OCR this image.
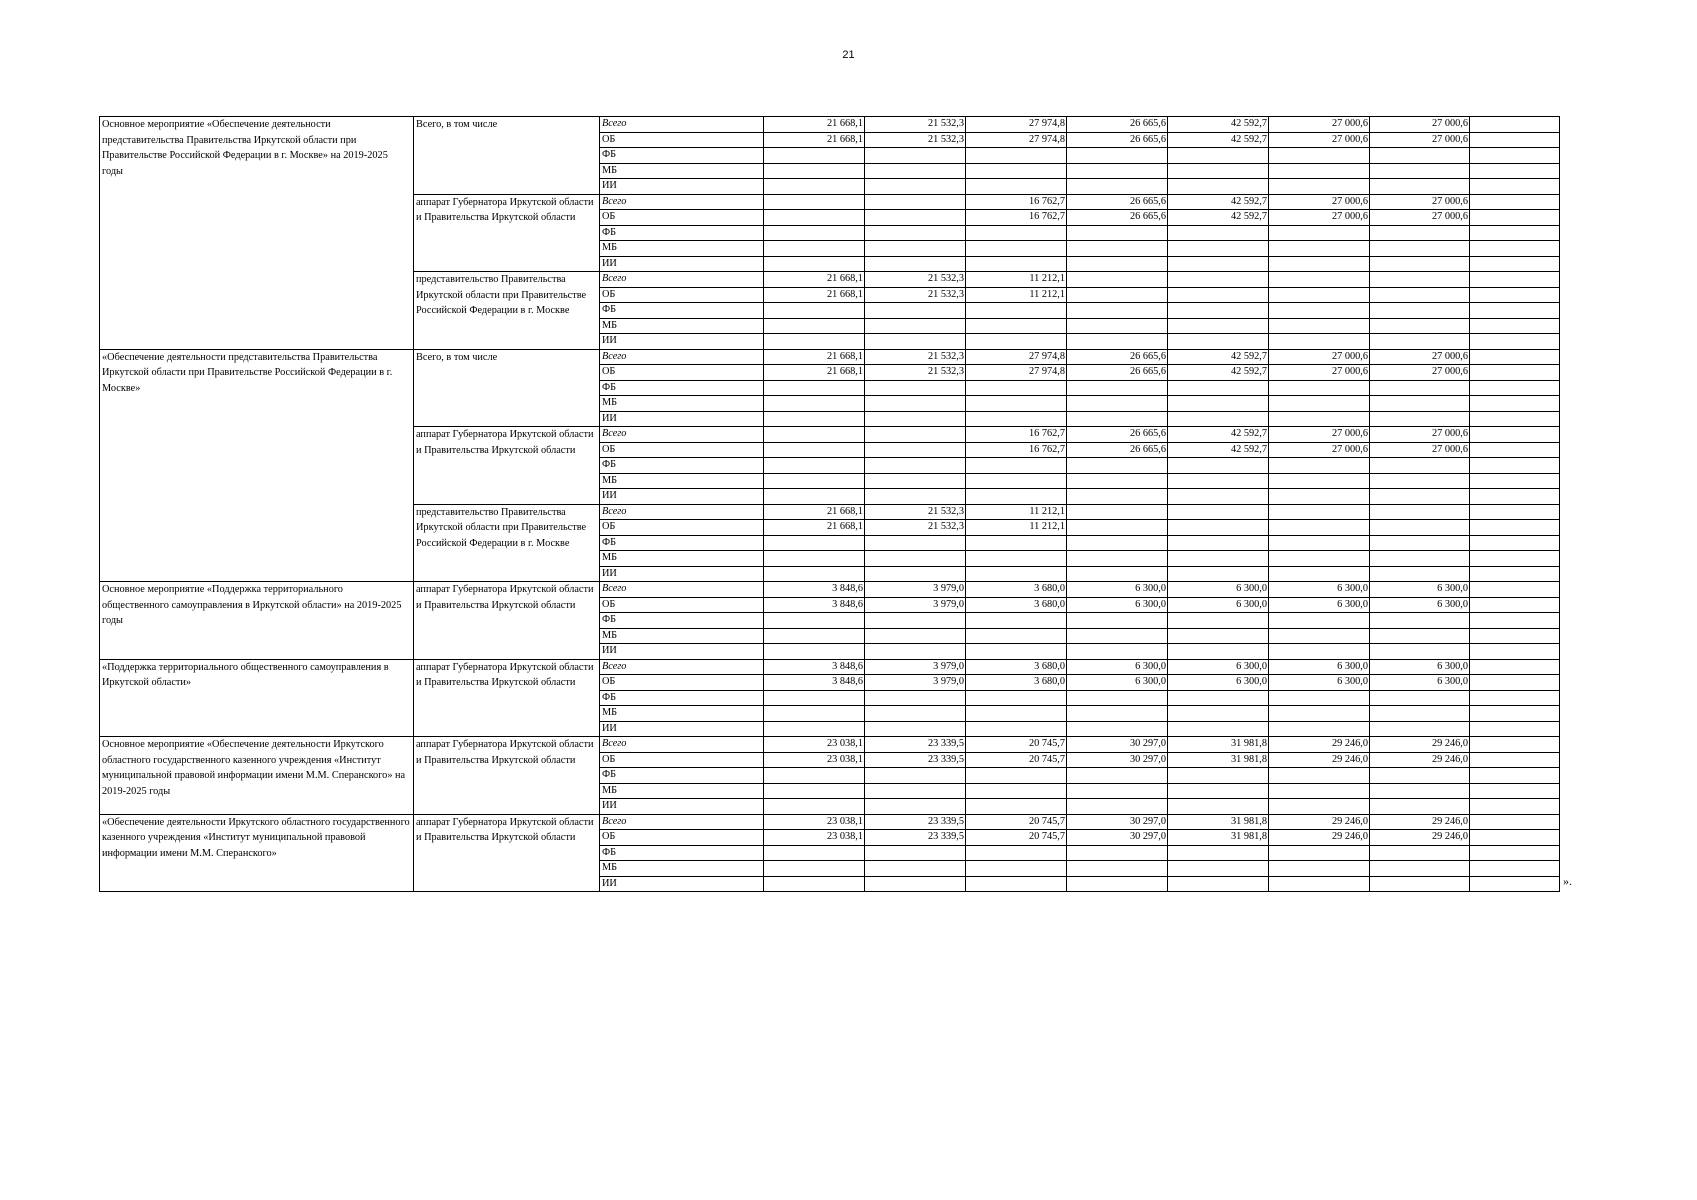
21
Основное мероприятие «Обеспечение деятельности представительства Правительства Иркутской области при Правительстве Российской Федерации в г. Москве» на 2019-2025 годы	Всего, в том числе	Всего	21 668,1	21 532,3	27 974,8	26 665,6	42 592,7	27 000,6	27 000,6	
		ОБ	21 668,1	21 532,3	27 974,8	26 665,6	42 592,7	27 000,6	27 000,6	
		ФБ								
		МБ								
		ИИ								
	аппарат Губернатора Иркутской области и Правительства Иркутской области	Всего			16 762,7	26 665,6	42 592,7	27 000,6	27 000,6	
		ОБ			16 762,7	26 665,6	42 592,7	27 000,6	27 000,6	
		ФБ								
		МБ								
		ИИ								
	представительство Правительства Иркутской области при Правительстве Российской Федерации в г. Москве	Всего	21 668,1	21 532,3	11 212,1					
		ОБ	21 668,1	21 532,3	11 212,1					
		ФБ								
		МБ								
		ИИ								
«Обеспечение деятельности представительства Правительства Иркутской области при Правительстве Российской Федерации в г. Москве»	Всего, в том числе	Всего	21 668,1	21 532,3	27 974,8	26 665,6	42 592,7	27 000,6	27 000,6	
		ОБ	21 668,1	21 532,3	27 974,8	26 665,6	42 592,7	27 000,6	27 000,6	
		ФБ								
		МБ								
		ИИ								
	аппарат Губернатора Иркутской области и Правительства Иркутской области	Всего			16 762,7	26 665,6	42 592,7	27 000,6	27 000,6	
		ОБ			16 762,7	26 665,6	42 592,7	27 000,6	27 000,6	
		ФБ								
		МБ								
		ИИ								
	представительство Правительства Иркутской области при Правительстве Российской Федерации в г. Москве	Всего	21 668,1	21 532,3	11 212,1					
		ОБ	21 668,1	21 532,3	11 212,1					
		ФБ								
		МБ								
		ИИ								
Основное мероприятие «Поддержка территориального общественного самоуправления в Иркутской области» на 2019-2025 годы	аппарат Губернатора Иркутской области и Правительства Иркутской области	Всего	3 848,6	3 979,0	3 680,0	6 300,0	6 300,0	6 300,0	6 300,0	
		ОБ	3 848,6	3 979,0	3 680,0	6 300,0	6 300,0	6 300,0	6 300,0	
		ФБ								
		МБ								
		ИИ								
«Поддержка территориального общественного самоуправления в Иркутской области»	аппарат Губернатора Иркутской области и Правительства Иркутской области	Всего	3 848,6	3 979,0	3 680,0	6 300,0	6 300,0	6 300,0	6 300,0	
		ОБ	3 848,6	3 979,0	3 680,0	6 300,0	6 300,0	6 300,0	6 300,0	
		ФБ								
		МБ								
		ИИ								
Основное мероприятие «Обеспечение деятельности Иркутского областного государственного казенного учреждения «Институт муниципальной правовой информации имени М.М. Сперанского» на 2019-2025 годы	аппарат Губернатора Иркутской области и Правительства Иркутской области	Всего	23 038,1	23 339,5	20 745,7	30 297,0	31 981,8	29 246,0	29 246,0	
		ОБ	23 038,1	23 339,5	20 745,7	30 297,0	31 981,8	29 246,0	29 246,0	
		ФБ								
		МБ								
		ИИ								
«Обеспечение деятельности Иркутского областного государственного казенного учреждения «Институт муниципальной правовой информации имени М.М. Сперанского»	аппарат Губернатора Иркутской области и Правительства Иркутской области	Всего	23 038,1	23 339,5	20 745,7	30 297,0	31 981,8	29 246,0	29 246,0	
		ОБ	23 038,1	23 339,5	20 745,7	30 297,0	31 981,8	29 246,0	29 246,0	
		ФБ								
		МБ								
		ИИ									».
